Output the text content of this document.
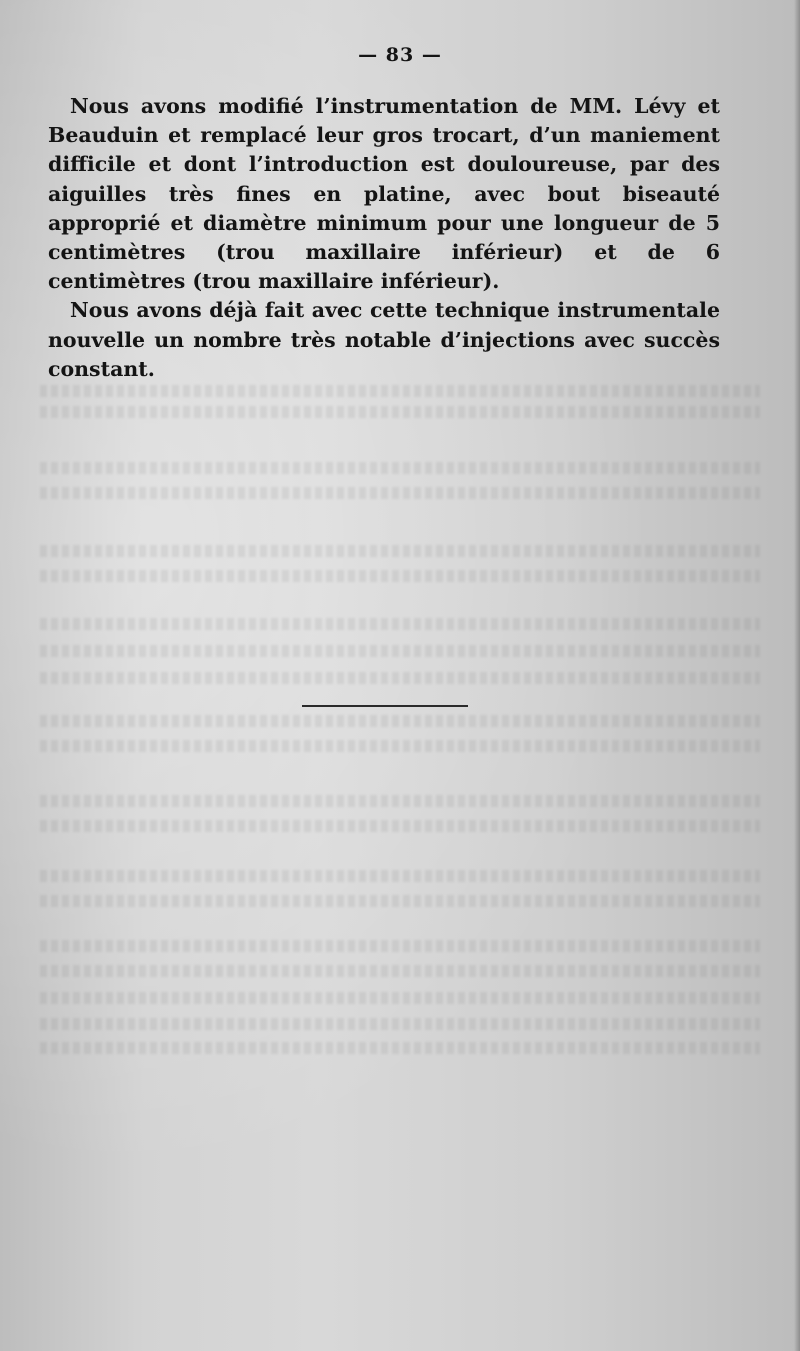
— 83 —

Nous avons modifié l’instrumentation de MM. Lévy et Beauduin et remplacé leur gros trocart, d’un maniement difficile et dont l’introduction est douloureuse, par des aiguilles très fines en platine, avec bout biseauté approprié et diamètre minimum pour une longueur de 5 centimètres (trou maxillaire inférieur) et de 6 centimètres (trou maxillaire inférieur).

Nous avons déjà fait avec cette technique instrumentale nouvelle un nombre très notable d’injections avec succès constant.
